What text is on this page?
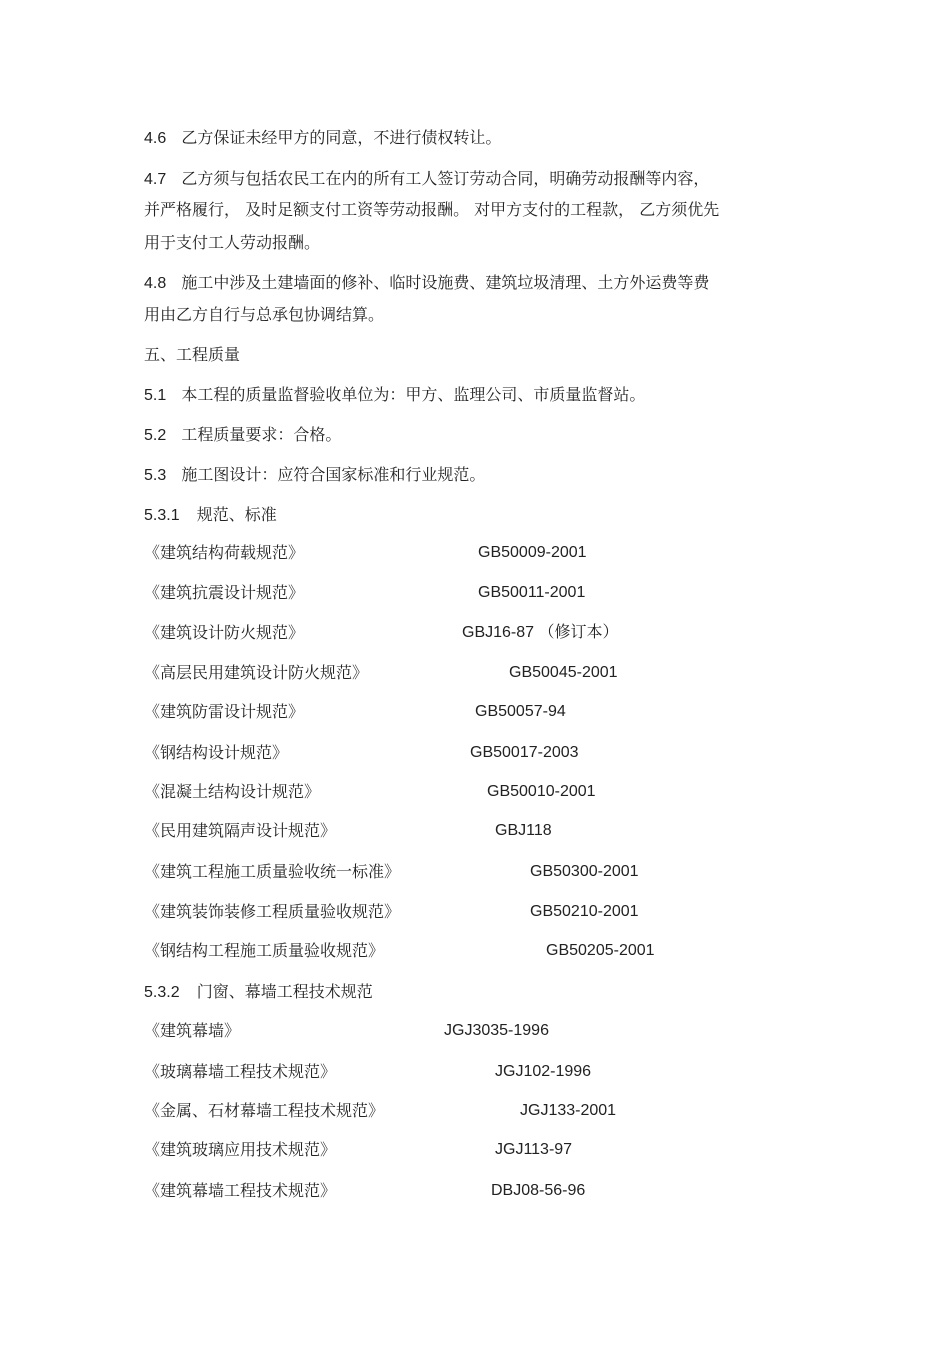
4.6 乙方保证未经甲方的同意，不进行债权转让。
4.7 乙方须与包括农民工在内的所有工人签订劳动合同，明确劳动报酬等内容，
并严格履行， 及时足额支付工资等劳动报酬。 对甲方支付的工程款， 乙方须优先
用于支付工人劳动报酬。
4.8 施工中涉及土建墙面的修补、临时设施费、建筑垃圾清理、土方外运费等费
用由乙方自行与总承包协调结算。
五、工程质量
5.1 本工程的质量监督验收单位为：甲方、监理公司、市质量监督站。
5.2 工程质量要求：合格。
5.3 施工图设计：应符合国家标准和行业规范。
5.3.1 规范、标准
《建筑结构荷载规范》	GB50009-2001
《建筑抗震设计规范》	GB50011-2001
《建筑设计防火规范》	GBJ16-87 （修订本）
《高层民用建筑设计防火规范》	GB50045-2001
《建筑防雷设计规范》	GB50057-94
《钢结构设计规范》	GB50017-2003
《混凝土结构设计规范》	GB50010-2001
《民用建筑隔声设计规范》	GBJ118
《建筑工程施工质量验收统一标准》	GB50300-2001
《建筑装饰装修工程质量验收规范》	GB50210-2001
《钢结构工程施工质量验收规范》	GB50205-2001
5.3.2 门窗、幕墙工程技术规范
《建筑幕墙》	JGJ3035-1996
《玻璃幕墙工程技术规范》	JGJ102-1996
《金属、石材幕墙工程技术规范》	JGJ133-2001
《建筑玻璃应用技术规范》	JGJ113-97
《建筑幕墙工程技术规范》	DBJ08-56-96
